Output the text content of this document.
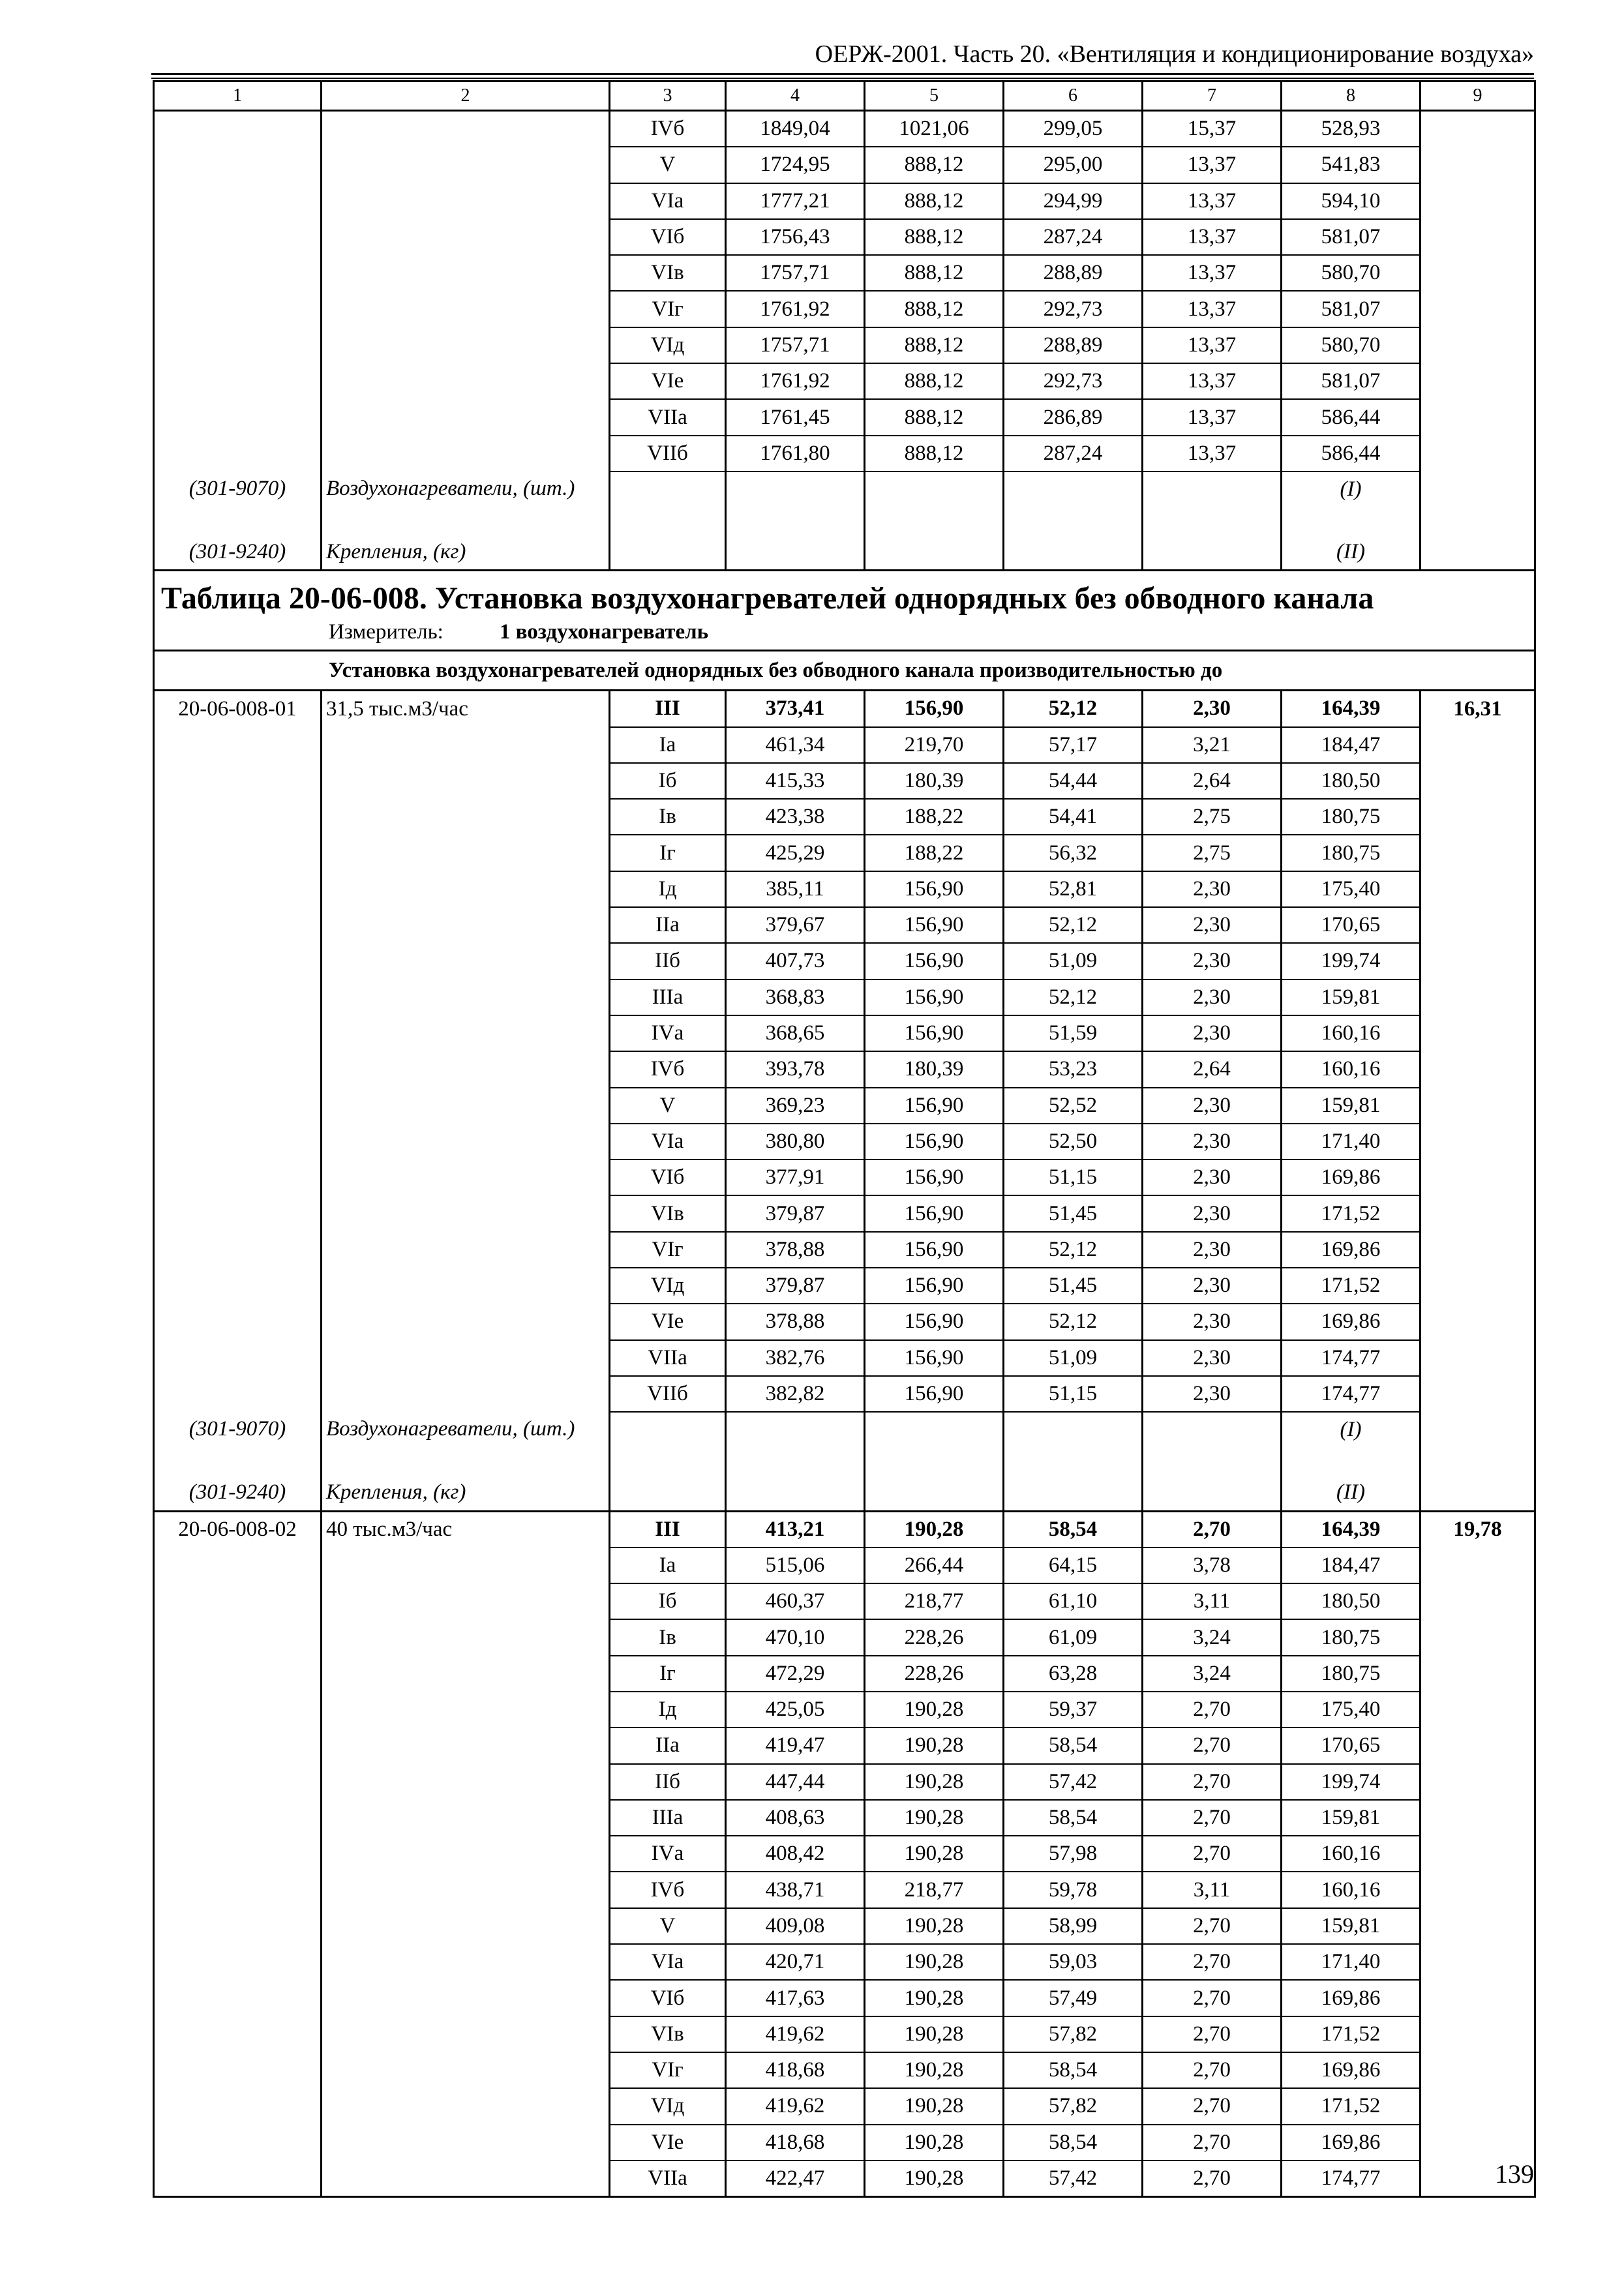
ОЕРЖ-2001. Часть 20. «Вентиляция и кондиционирование воздуха»
1	2	3	4	5	6	7	8	9
		IVб	1849,04	1021,06	299,05	15,37	528,93	
		V	1724,95	888,12	295,00	13,37	541,83	
		VIа	1777,21	888,12	294,99	13,37	594,10	
		VIб	1756,43	888,12	287,24	13,37	581,07	
		VIв	1757,71	888,12	288,89	13,37	580,70	
		VIг	1761,92	888,12	292,73	13,37	581,07	
		VIд	1757,71	888,12	288,89	13,37	580,70	
		VIе	1761,92	888,12	292,73	13,37	581,07	
		VIIа	1761,45	888,12	286,89	13,37	586,44	
		VIIб	1761,80	888,12	287,24	13,37	586,44	
(301-9070)	Воздухонагреватели, (шт.)						(I)	
(301-9240)	Крепления, (кг)						(II)	

Таблица 20-06-008. Установка воздухонагревателей однорядных без обводного канала
Измеритель: 1 воздухонагреватель								

Установка воздухонагревателей однорядных без обводного канала производительностью до								
20-06-008-01	31,5 тыс.м3/час	III	373,41	156,90	52,12	2,30	164,39	16,31
		Iа	461,34	219,70	57,17	3,21	184,47	
		Iб	415,33	180,39	54,44	2,64	180,50	
		Iв	423,38	188,22	54,41	2,75	180,75	
		Iг	425,29	188,22	56,32	2,75	180,75	
		Iд	385,11	156,90	52,81	2,30	175,40	
		IIа	379,67	156,90	52,12	2,30	170,65	
		IIб	407,73	156,90	51,09	2,30	199,74	
		IIIа	368,83	156,90	52,12	2,30	159,81	
		IVа	368,65	156,90	51,59	2,30	160,16	
		IVб	393,78	180,39	53,23	2,64	160,16	
		V	369,23	156,90	52,52	2,30	159,81	
		VIа	380,80	156,90	52,50	2,30	171,40	
		VIб	377,91	156,90	51,15	2,30	169,86	
		VIв	379,87	156,90	51,45	2,30	171,52	
		VIг	378,88	156,90	52,12	2,30	169,86	
		VIд	379,87	156,90	51,45	2,30	171,52	
		VIе	378,88	156,90	52,12	2,30	169,86	
		VIIа	382,76	156,90	51,09	2,30	174,77	
		VIIб	382,82	156,90	51,15	2,30	174,77	
(301-9070)	Воздухонагреватели, (шт.)						(I)	
(301-9240)	Крепления, (кг)						(II)	
20-06-008-02	40 тыс.м3/час	III	413,21	190,28	58,54	2,70	164,39	19,78
		Iа	515,06	266,44	64,15	3,78	184,47	
		Iб	460,37	218,77	61,10	3,11	180,50	
		Iв	470,10	228,26	61,09	3,24	180,75	
		Iг	472,29	228,26	63,28	3,24	180,75	
		Iд	425,05	190,28	59,37	2,70	175,40	
		IIа	419,47	190,28	58,54	2,70	170,65	
		IIб	447,44	190,28	57,42	2,70	199,74	
		IIIа	408,63	190,28	58,54	2,70	159,81	
		IVа	408,42	190,28	57,98	2,70	160,16	
		IVб	438,71	218,77	59,78	3,11	160,16	
		V	409,08	190,28	58,99	2,70	159,81	
		VIа	420,71	190,28	59,03	2,70	171,40	
		VIб	417,63	190,28	57,49	2,70	169,86	
		VIв	419,62	190,28	57,82	2,70	171,52	
		VIг	418,68	190,28	58,54	2,70	169,86	
		VIд	419,62	190,28	57,82	2,70	171,52	
		VIе	418,68	190,28	58,54	2,70	169,86	
		VIIа	422,47	190,28	57,42	2,70	174,77		139
